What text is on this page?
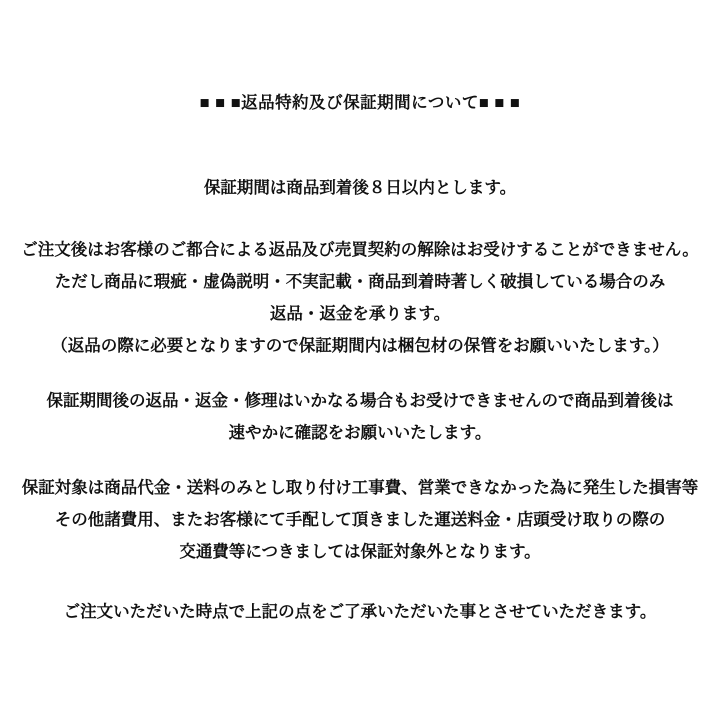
■ ■ ■返品特約及び保証期間について■ ■ ■

保証期間は商品到着後８日以内とします。

ご注文後はお客様のご都合による返品及び売買契約の解除はお受けすることができません。
ただし商品に瑕疵・虚偽説明・不実記載・商品到着時著しく破損している場合のみ
返品・返金を承ります。
（返品の際に必要となりますので保証期間内は梱包材の保管をお願いいたします。）

保証期間後の返品・返金・修理はいかなる場合もお受けできませんので商品到着後は
速やかに確認をお願いいたします。

保証対象は商品代金・送料のみとし取り付け工事費、営業できなかった為に発生した損害等
その他諸費用、またお客様にて手配して頂きました運送料金・店頭受け取りの際の
交通費等につきましては保証対象外となります。

ご注文いただいた時点で上記の点をご了承いただいた事とさせていただきます。
